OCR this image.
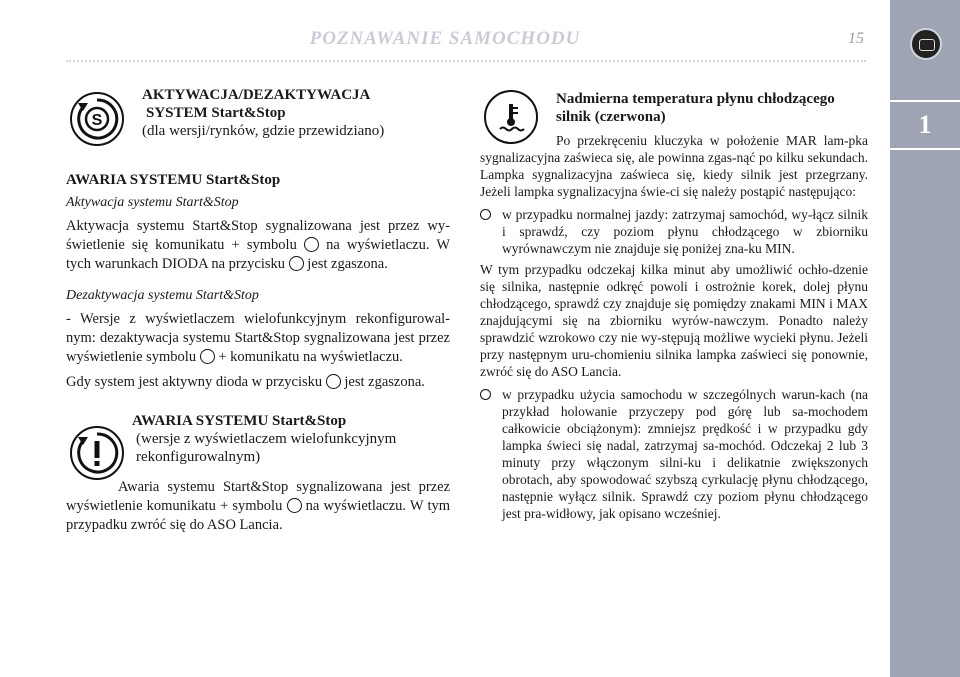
POZNAWANIE SAMOCHODU	15
1
S
AKTYWACJA/DEZAKTYWACJA
SYSTEM Start&Stop
(dla wersji/rynków, gdzie przewidziano)
AWARIA SYSTEMU Start&Stop
Aktywacja systemu Start&Stop

Aktywacja systemu Start&Stop sygnalizowana jest przez wy-świetlenie się komunikatu + symbolu na wyświetlaczu. W tych warunkach DIODA na przycisku jest zgaszona.

Dezaktywacja systemu Start&Stop

- Wersje z wyświetlaczem wielofunkcyjnym rekonfigurowal-nym: dezaktywacja systemu Start&Stop sygnalizowana jest przez wyświetlenie symbolu + komunikatu na wyświetlaczu.

Gdy system jest aktywny dioda w przycisku jest zgaszona.

AWARIA SYSTEMU Start&Stop
(wersje z wyświetlaczem wielofunkcyjnym
rekonfigurowalnym)

Awaria systemu Start&Stop sygnalizowana jest przez wyświetlenie komunikatu + symbolu na wyświetlaczu. W tym przypadku zwróć się do ASO Lancia.

Nadmierna temperatura płynu chłodzącego
silnik (czerwona)

Po przekręceniu kluczyka w położenie MAR lam-pka sygnalizacyjna zaświeca się, ale powinna zgas-nąć po kilku sekundach. Lampka sygnalizacyjna zaświeca się, kiedy silnik jest przegrzany. Jeżeli lampka sygnalizacyjna świe-ci się należy postąpić następująco:

w przypadku normalnej jazdy: zatrzymaj samochód, wy-łącz silnik i sprawdź, czy poziom płynu chłodzącego w zbiorniku wyrównawczym nie znajduje się poniżej zna-ku MIN.

W tym przypadku odczekaj kilka minut aby umożliwić ochło-dzenie się silnika, następnie odkręć powoli i ostrożnie korek, dolej płynu chłodzącego, sprawdź czy znajduje się pomiędzy znakami MIN i MAX znajdującymi się na zbiorniku wyrów-nawczym. Ponadto należy sprawdzić wzrokowo czy nie wy-stępują możliwe wycieki płynu. Jeżeli przy następnym uru-chomieniu silnika lampka zaświeci się ponownie, zwróć się do ASO Lancia.

w przypadku użycia samochodu w szczególnych warun-kach (na przykład holowanie przyczepy pod górę lub sa-mochodem całkowicie obciążonym): zmniejsz prędkość i w przypadku gdy lampka świeci się nadal, zatrzymaj sa-mochód. Odczekaj 2 lub 3 minuty przy włączonym silni-ku i delikatnie zwiększonych obrotach, aby spowodować szybszą cyrkulację płynu chłodzącego, następnie wyłącz silnik. Sprawdź czy poziom płynu chłodzącego jest pra-widłowy, jak opisano wcześniej.
